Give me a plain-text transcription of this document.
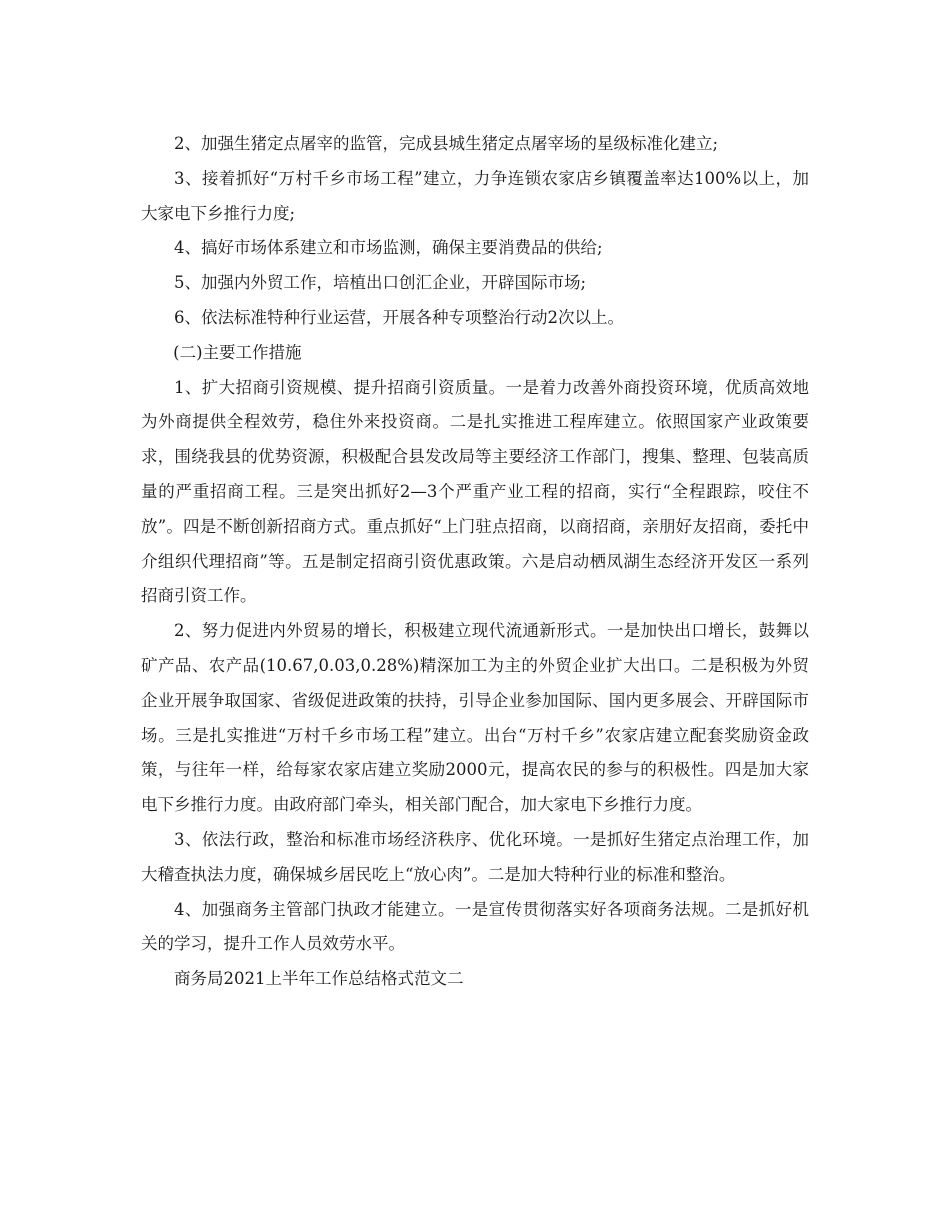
2、加强生猪定点屠宰的监管，完成县城生猪定点屠宰场的星级标准化建立;

3、接着抓好“万村千乡市场工程”建立，力争连锁农家店乡镇覆盖率达100%以上，加大家电下乡推行力度;

4、搞好市场体系建立和市场监测，确保主要消费品的供给;

5、加强内外贸工作，培植出口创汇企业，开辟国际市场;

6、依法标准特种行业运营，开展各种专项整治行动2次以上。

(二)主要工作措施

1、扩大招商引资规模、提升招商引资质量。一是着力改善外商投资环境，优质高效地为外商提供全程效劳，稳住外来投资商。二是扎实推进工程库建立。依照国家产业政策要求，围绕我县的优势资源，积极配合县发改局等主要经济工作部门，搜集、整理、包装高质量的严重招商工程。三是突出抓好2—3个严重产业工程的招商，实行“全程跟踪，咬住不放”。四是不断创新招商方式。重点抓好“上门驻点招商，以商招商，亲朋好友招商，委托中介组织代理招商”等。五是制定招商引资优惠政策。六是启动栖凤湖生态经济开发区一系列招商引资工作。

2、努力促进内外贸易的增长，积极建立现代流通新形式。一是加快出口增长，鼓舞以矿产品、农产品(10.67,0.03,0.28%)精深加工为主的外贸企业扩大出口。二是积极为外贸企业开展争取国家、省级促进政策的扶持，引导企业参加国际、国内更多展会、开辟国际市场。三是扎实推进“万村千乡市场工程”建立。出台“万村千乡”农家店建立配套奖励资金政策，与往年一样，给每家农家店建立奖励2000元，提高农民的参与的积极性。四是加大家电下乡推行力度。由政府部门牵头，相关部门配合，加大家电下乡推行力度。

3、依法行政，整治和标准市场经济秩序、优化环境。一是抓好生猪定点治理工作，加大稽查执法力度，确保城乡居民吃上“放心肉”。二是加大特种行业的标准和整治。

4、加强商务主管部门执政才能建立。一是宣传贯彻落实好各项商务法规。二是抓好机关的学习，提升工作人员效劳水平。

商务局2021上半年工作总结格式范文二
